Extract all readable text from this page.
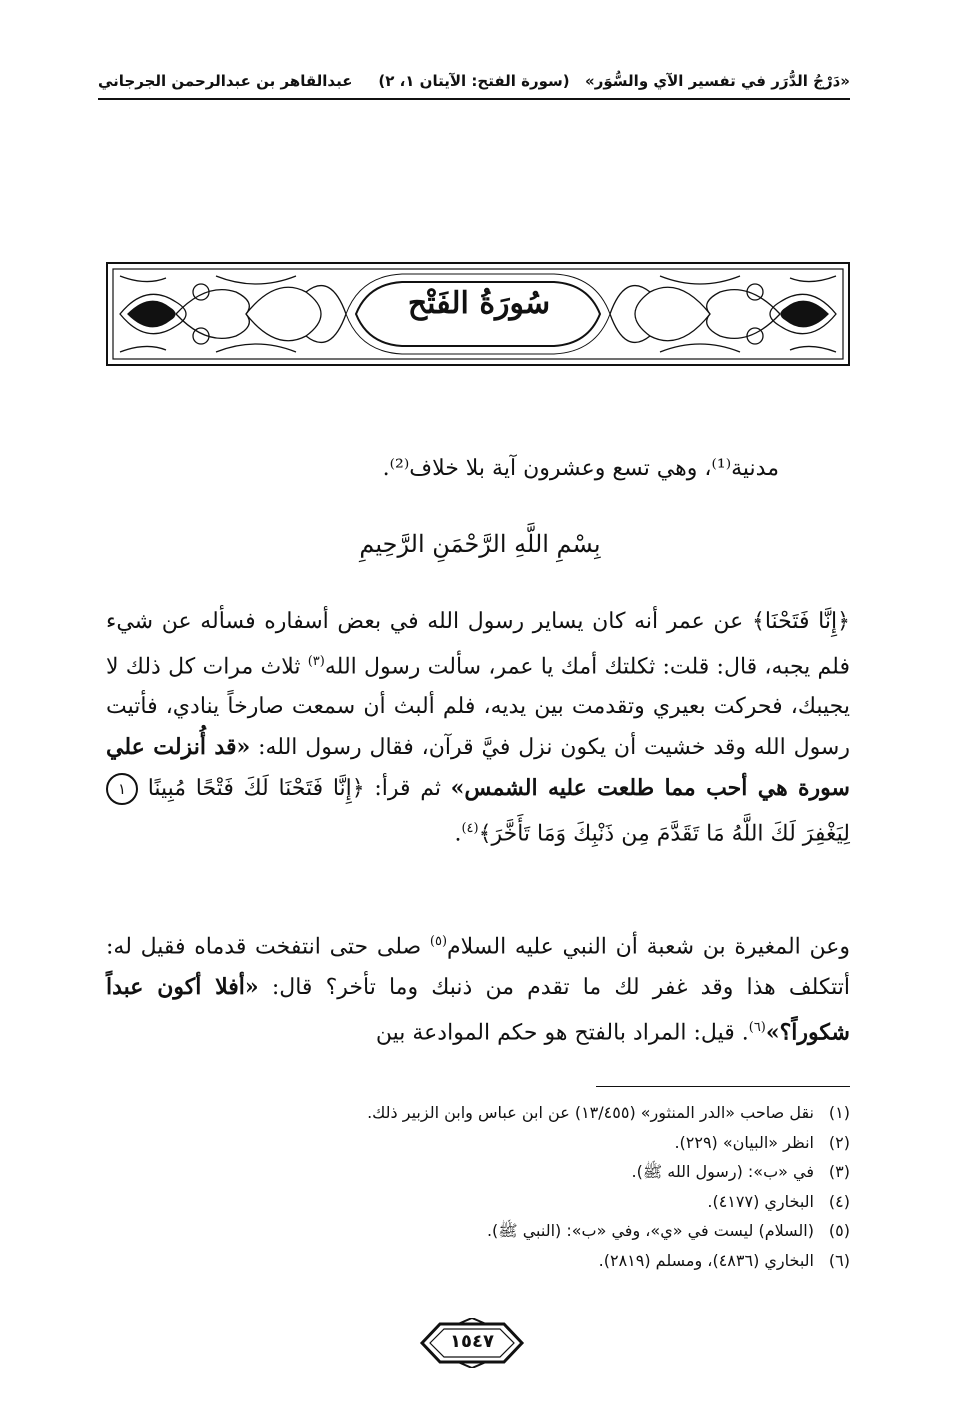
«دَرْجُ الدُّرَر في تفسير الآي والسُّوَر»
(سورة الفتح: الآيتان ١، ٢)
عبدالقاهر بن عبدالرحمن الجرجاني
سُورَةُ الفَتْح
مدنية⁽¹⁾، وهي تسع وعشرون آية بلا خلاف⁽²⁾.
بِسْمِ اللَّهِ الرَّحْمَنِ الرَّحِيمِ

﴿إِنَّا فَتَحْنَا﴾ عن عمر أنه كان يساير رسول الله في بعض أسفاره فسأله عن شيء فلم يجبه، قال: قلت: ثكلتك أمك يا عمر، سألت رسول الله$^{(٣)}$ ثلاث مرات كل ذلك لا يجيبك، فحركت بعيري وتقدمت بين يديه، فلم ألبث أن سمعت صارخاً ينادي، فأتيت رسول الله وقد خشيت أن يكون نزل فيَّ قرآن، فقال رسول الله: «قد أُنزلت علي سورة هي أحب مما طلعت عليه الشمس» ثم قرأ: ﴿إِنَّا فَتَحْنَا لَكَ فَتْحًا مُبِينًا ١ لِيَغْفِرَ لَكَ اللَّهُ مَا تَقَدَّمَ مِن ذَنْبِكَ وَمَا تَأَخَّرَ﴾$^{(٤)}$.

وعن المغيرة بن شعبة أن النبي عليه السلام$^{(٥)}$ صلى حتى انتفخت قدماه فقيل له: أتتكلف هذا وقد غفر لك ما تقدم من ذنبك وما تأخر؟ قال: «أفلا أكون عبداً شكوراً؟»$^{(٦)}$. قيل: المراد بالفتح هو حكم الموادعة بين

(١)نقل صاحب «الدر المنثور» (١٣/٤٥٥) عن ابن عباس وابن الزبير ذلك.
(٢)انظر «البيان» (٢٢٩).
(٣)في «ب»: (رسول الله ﷺ).
(٤)البخاري (٤١٧٧).
(٥)(السلام) ليست في «ي»، وفي «ب»: (النبي ﷺ).
(٦)البخاري (٤٨٣٦)، ومسلم (٢٨١٩).
١٥٤٧
